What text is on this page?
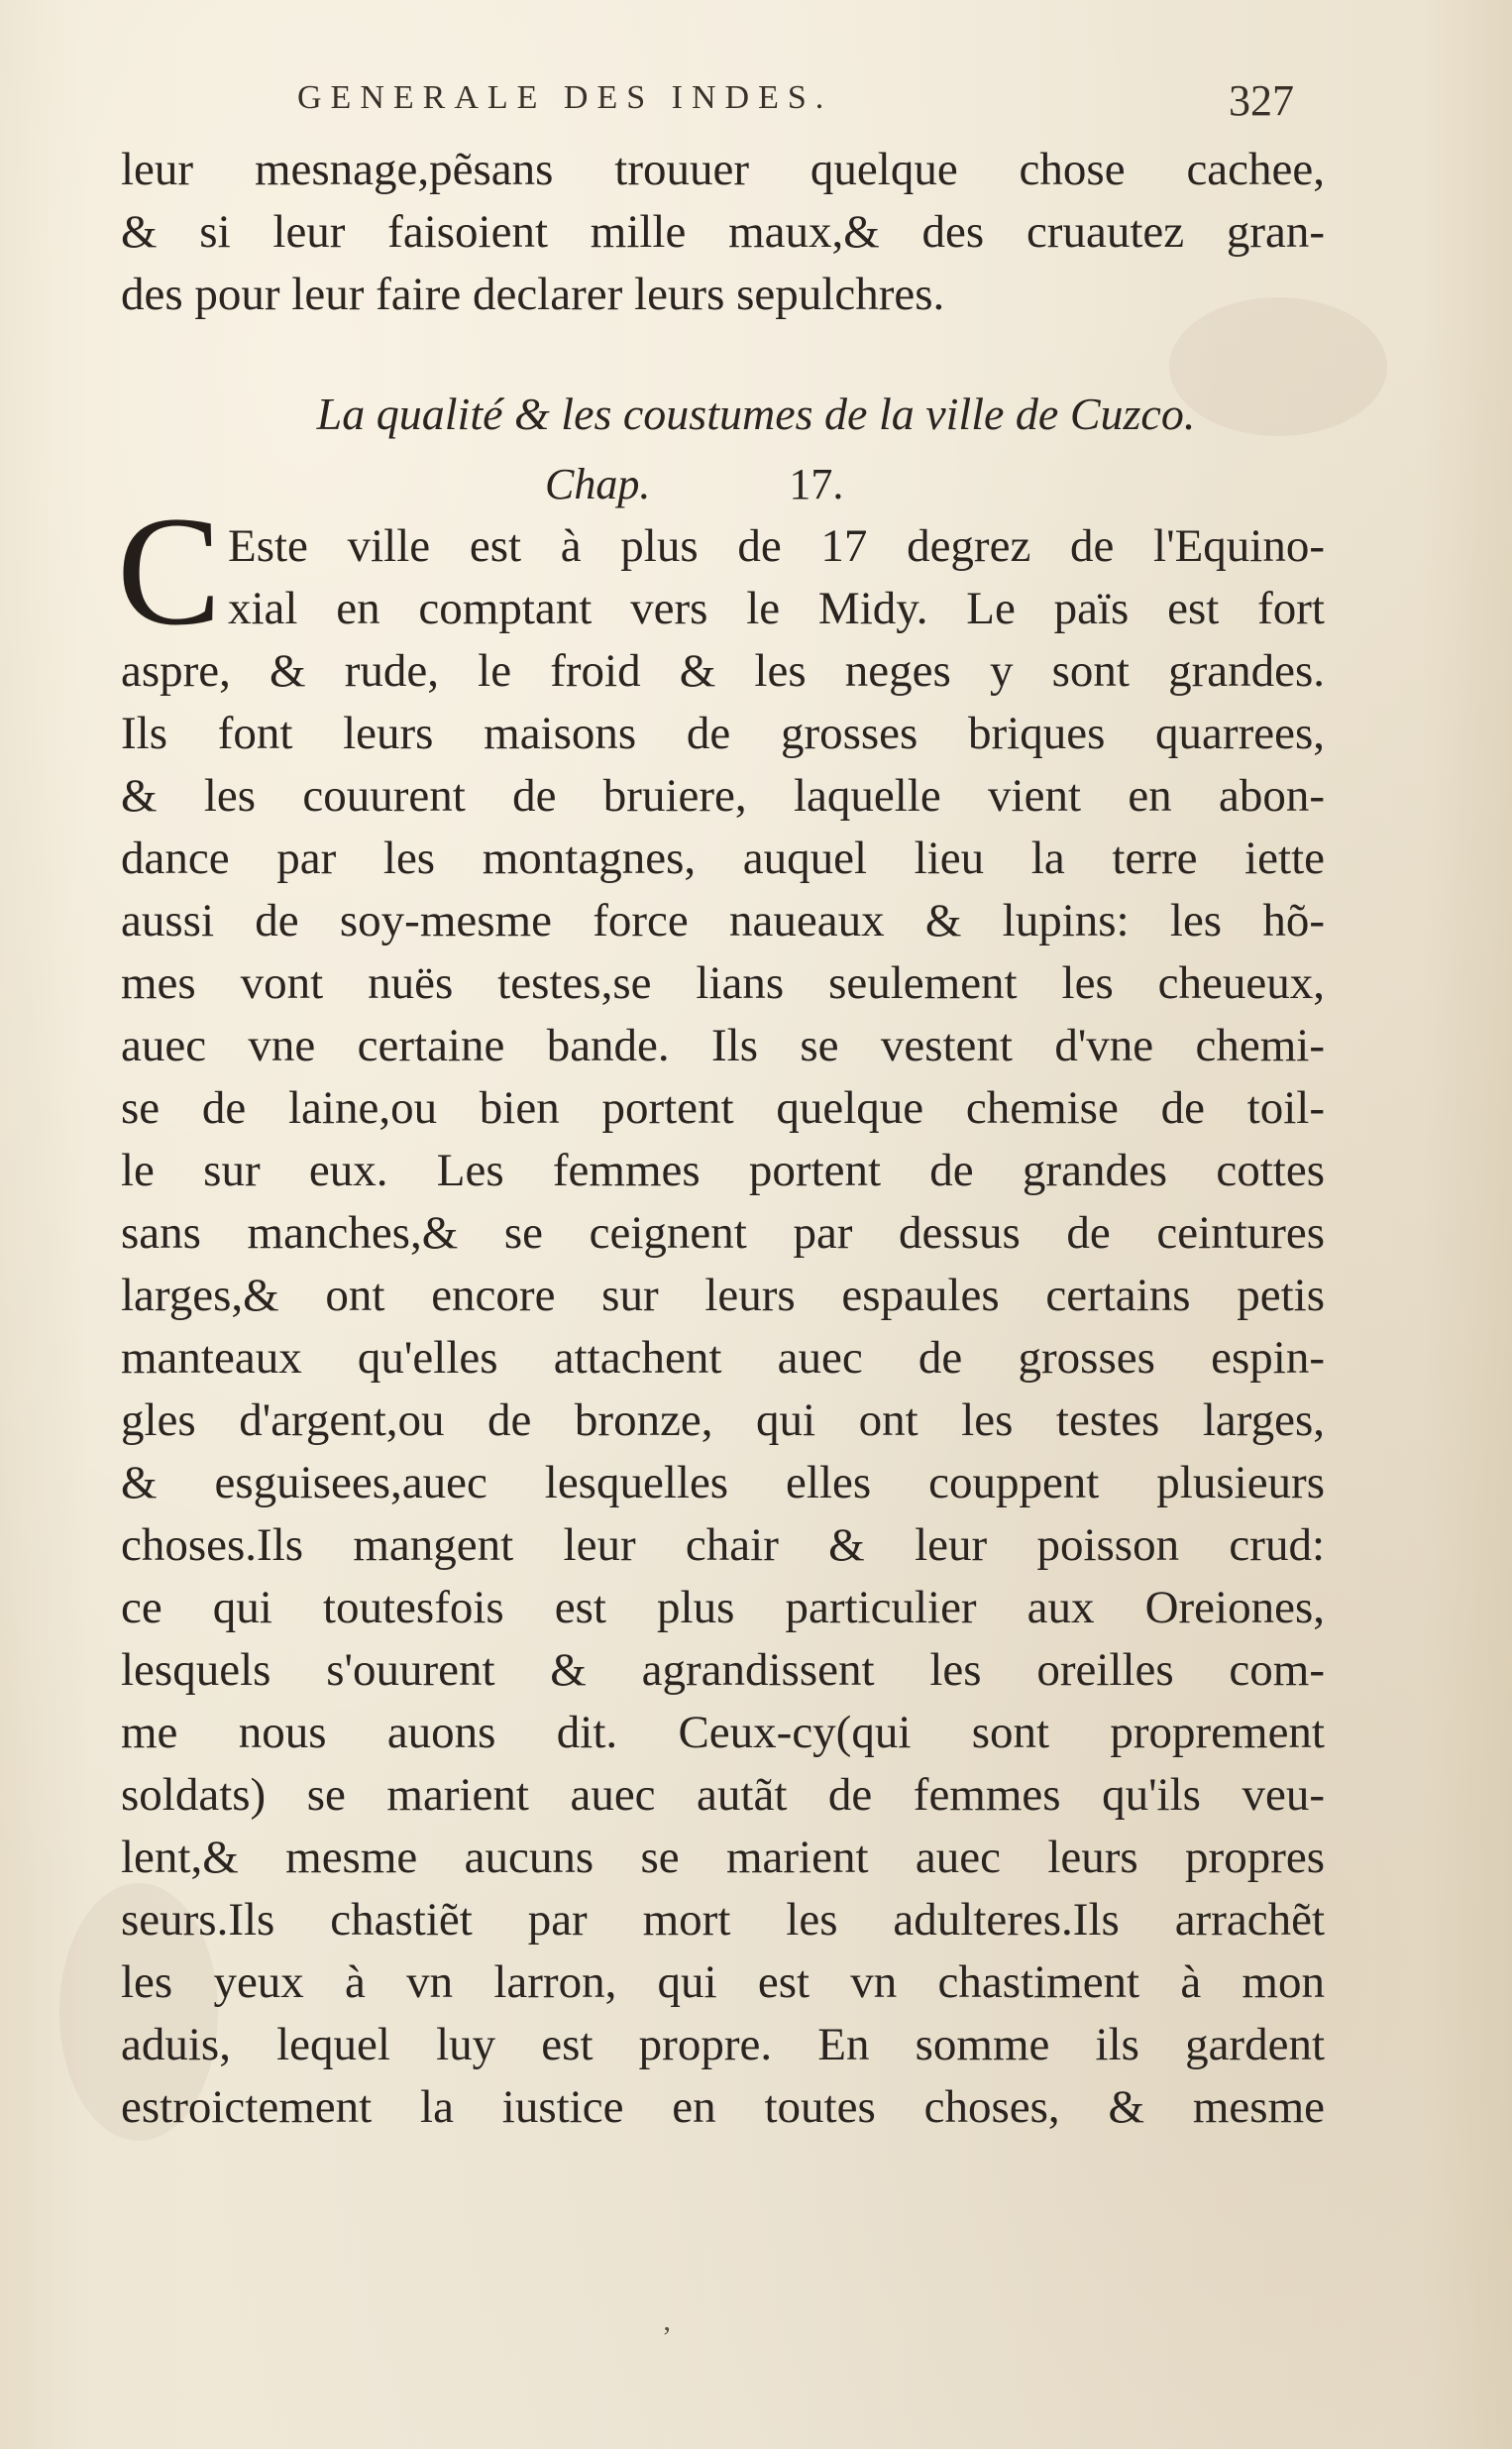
GENERALE DES INDES.	327
leur mesnage,pẽsans trouuer quelque chose cachee,
& si leur faisoient mille maux,& des cruautez gran-
des pour leur faire declarer leurs sepulchres.
La qualité & les coustumes de la ville de Cuzco.
Chap.	17.
C Este ville est à plus de 17 degrez de l'Equino-
xial en comptant vers le Midy. Le païs est fort
aspre, & rude, le froid & les neges y sont grandes.
Ils font leurs maisons de grosses briques quarrees,
& les couurent de bruiere, laquelle vient en abon-
dance par les montagnes, auquel lieu la terre iette
aussi de soy-mesme force naueaux & lupins: les hõ-
mes vont nuës testes,se lians seulement les cheueux,
auec vne certaine bande. Ils se vestent d'vne chemi-
se de laine,ou bien portent quelque chemise de toil-
le sur eux. Les femmes portent de grandes cottes
sans manches,& se ceignent par dessus de ceintures
larges,& ont encore sur leurs espaules certains petis
manteaux qu'elles attachent auec de grosses espin-
gles d'argent,ou de bronze, qui ont les testes larges,
& esguisees,auec lesquelles elles couppent plusieurs
choses.Ils mangent leur chair & leur poisson crud:
ce qui toutesfois est plus particulier aux Oreiones,
lesquels s'ouurent & agrandissent les oreilles com-
me nous auons dit. Ceux-cy(qui sont proprement
soldats) se marient auec autãt de femmes qu'ils veu-
lent,& mesme aucuns se marient auec leurs propres
seurs.Ils chastiẽt par mort les adulteres.Ils arrachẽt
les yeux à vn larron, qui est vn chastiment à mon
aduis, lequel luy est propre. En somme ils gardent
estroictement la iustice en toutes choses, & mesme
‚
